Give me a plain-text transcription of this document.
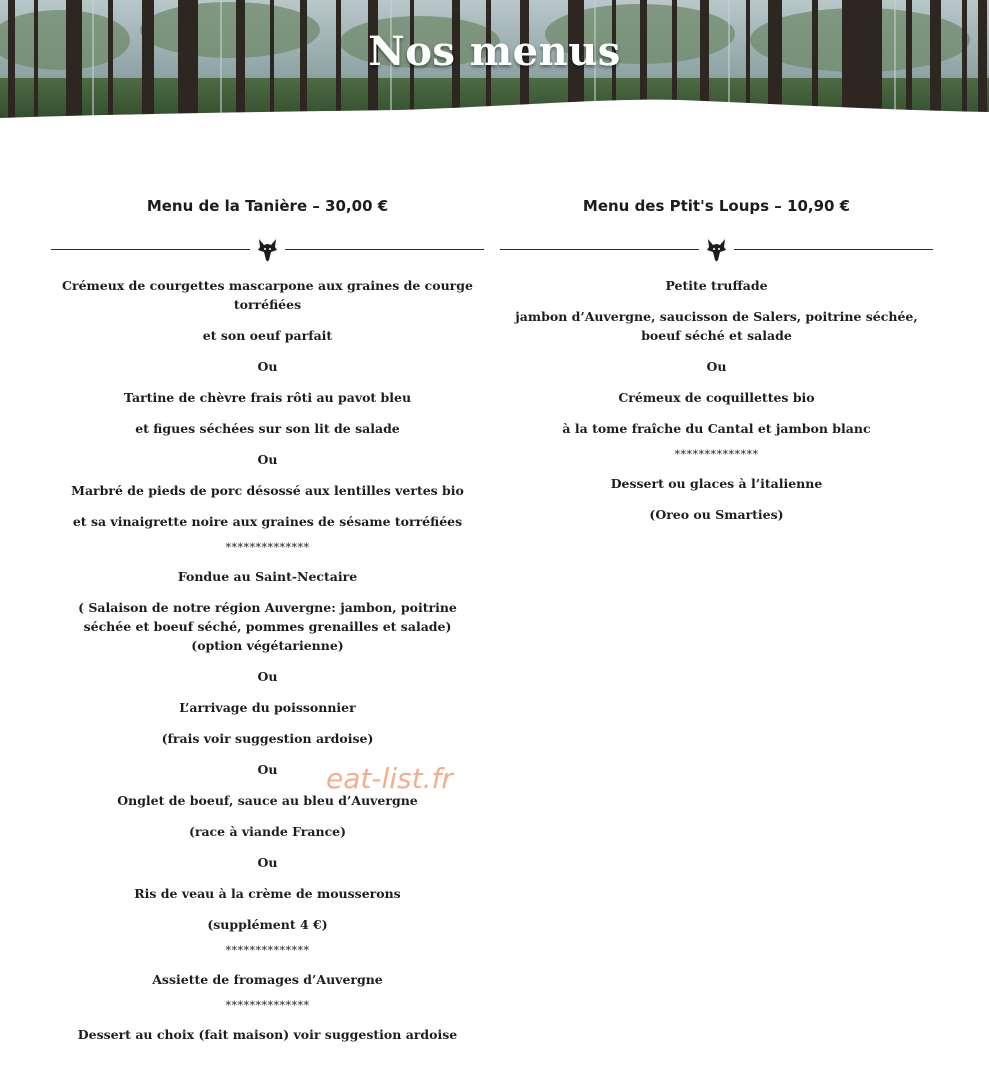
Nos menus
Menu de la Tanière – 30,00 €
Crémeux de courgettes mascarpone aux graines de courge torréfiées
et son oeuf parfait
Ou
Tartine de chèvre frais rôti au pavot bleu
et figues séchées sur son lit de salade
Ou
Marbré de pieds de porc désossé aux lentilles vertes bio
et sa vinaigrette noire aux graines de sésame torréfiées
**************
Fondue au Saint-Nectaire
( Salaison de notre région Auvergne: jambon, poitrine séchée et boeuf séché, pommes grenailles et salade) (option végétarienne)
Ou
L’arrivage du poissonnier
(frais voir suggestion ardoise)
Ou
Onglet de boeuf, sauce au bleu d’Auvergne
(race à viande France)
Ou
Ris de veau à la crème de mousserons
(supplément 4 €)
**************
Assiette de fromages d’Auvergne
**************
Dessert au choix (fait maison) voir suggestion ardoise
Menu des Ptit's Loups – 10,90 €
Petite truffade
jambon d’Auvergne, saucisson de Salers, poitrine séchée, boeuf séché et salade
Ou
Crémeux de coquillettes bio
à la tome fraîche du Cantal et jambon blanc
**************
Dessert ou glaces à l’italienne
(Oreo ou Smarties)
eat-list.fr
